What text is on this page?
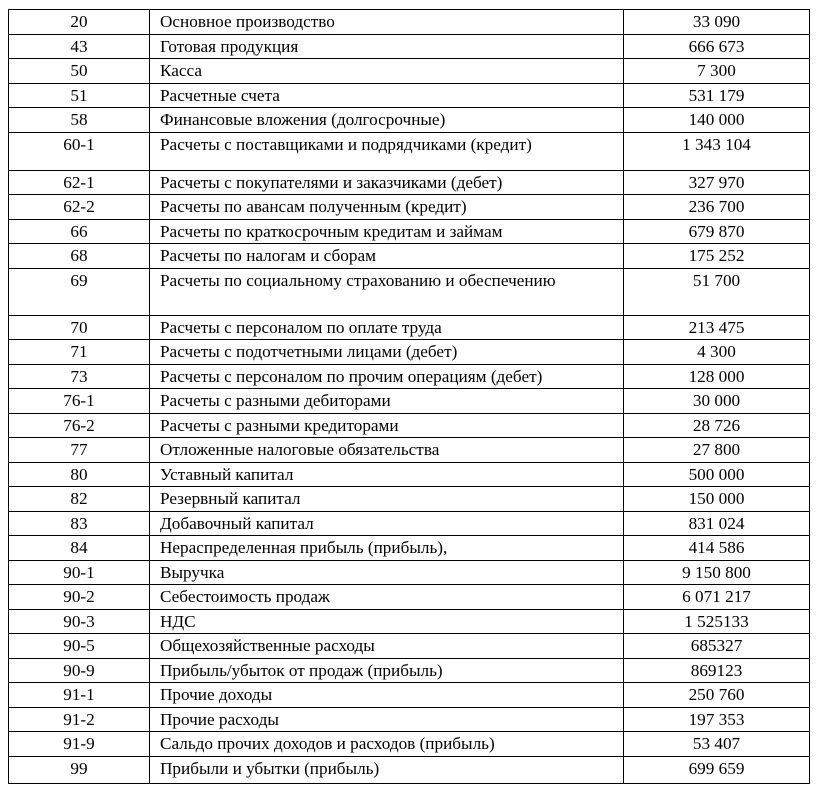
20	Основное производство	33 090
43	Готовая продукция	666 673
50	Касса	7 300
51	Расчетные счета	531 179
58	Финансовые вложения (долгосрочные)	140 000
60-1	Расчеты с поставщиками и подрядчиками (кредит)	1 343 104
62-1	Расчеты с покупателями и заказчиками (дебет)	327 970
62-2	Расчеты по авансам полученным (кредит)	236 700
66	Расчеты по краткосрочным кредитам и займам	679 870
68	Расчеты по налогам и сборам	175 252
69	Расчеты по социальному страхованию и обеспечению	51 700
70	Расчеты с персоналом по оплате труда	213 475
71	Расчеты с подотчетными лицами (дебет)	4 300
73	Расчеты с персоналом по прочим операциям (дебет)	128 000
76-1	Расчеты с разными дебиторами	30 000
76-2	Расчеты с разными кредиторами	28 726
77	Отложенные налоговые обязательства	27 800
80	Уставный капитал	500 000
82	Резервный капитал	150 000
83	Добавочный капитал	831 024
84	Нераспределенная прибыль (прибыль),	414 586
90-1	Выручка	9 150 800
90-2	Себестоимость продаж	6 071 217
90-3	НДС	1 525133
90-5	Общехозяйственные расходы	685327
90-9	Прибыль/убыток от продаж (прибыль)	869123
91-1	Прочие доходы	250 760
91-2	Прочие расходы	197 353
91-9	Сальдо прочих доходов и расходов (прибыль)	53 407
99	Прибыли и убытки (прибыль)	699 659
